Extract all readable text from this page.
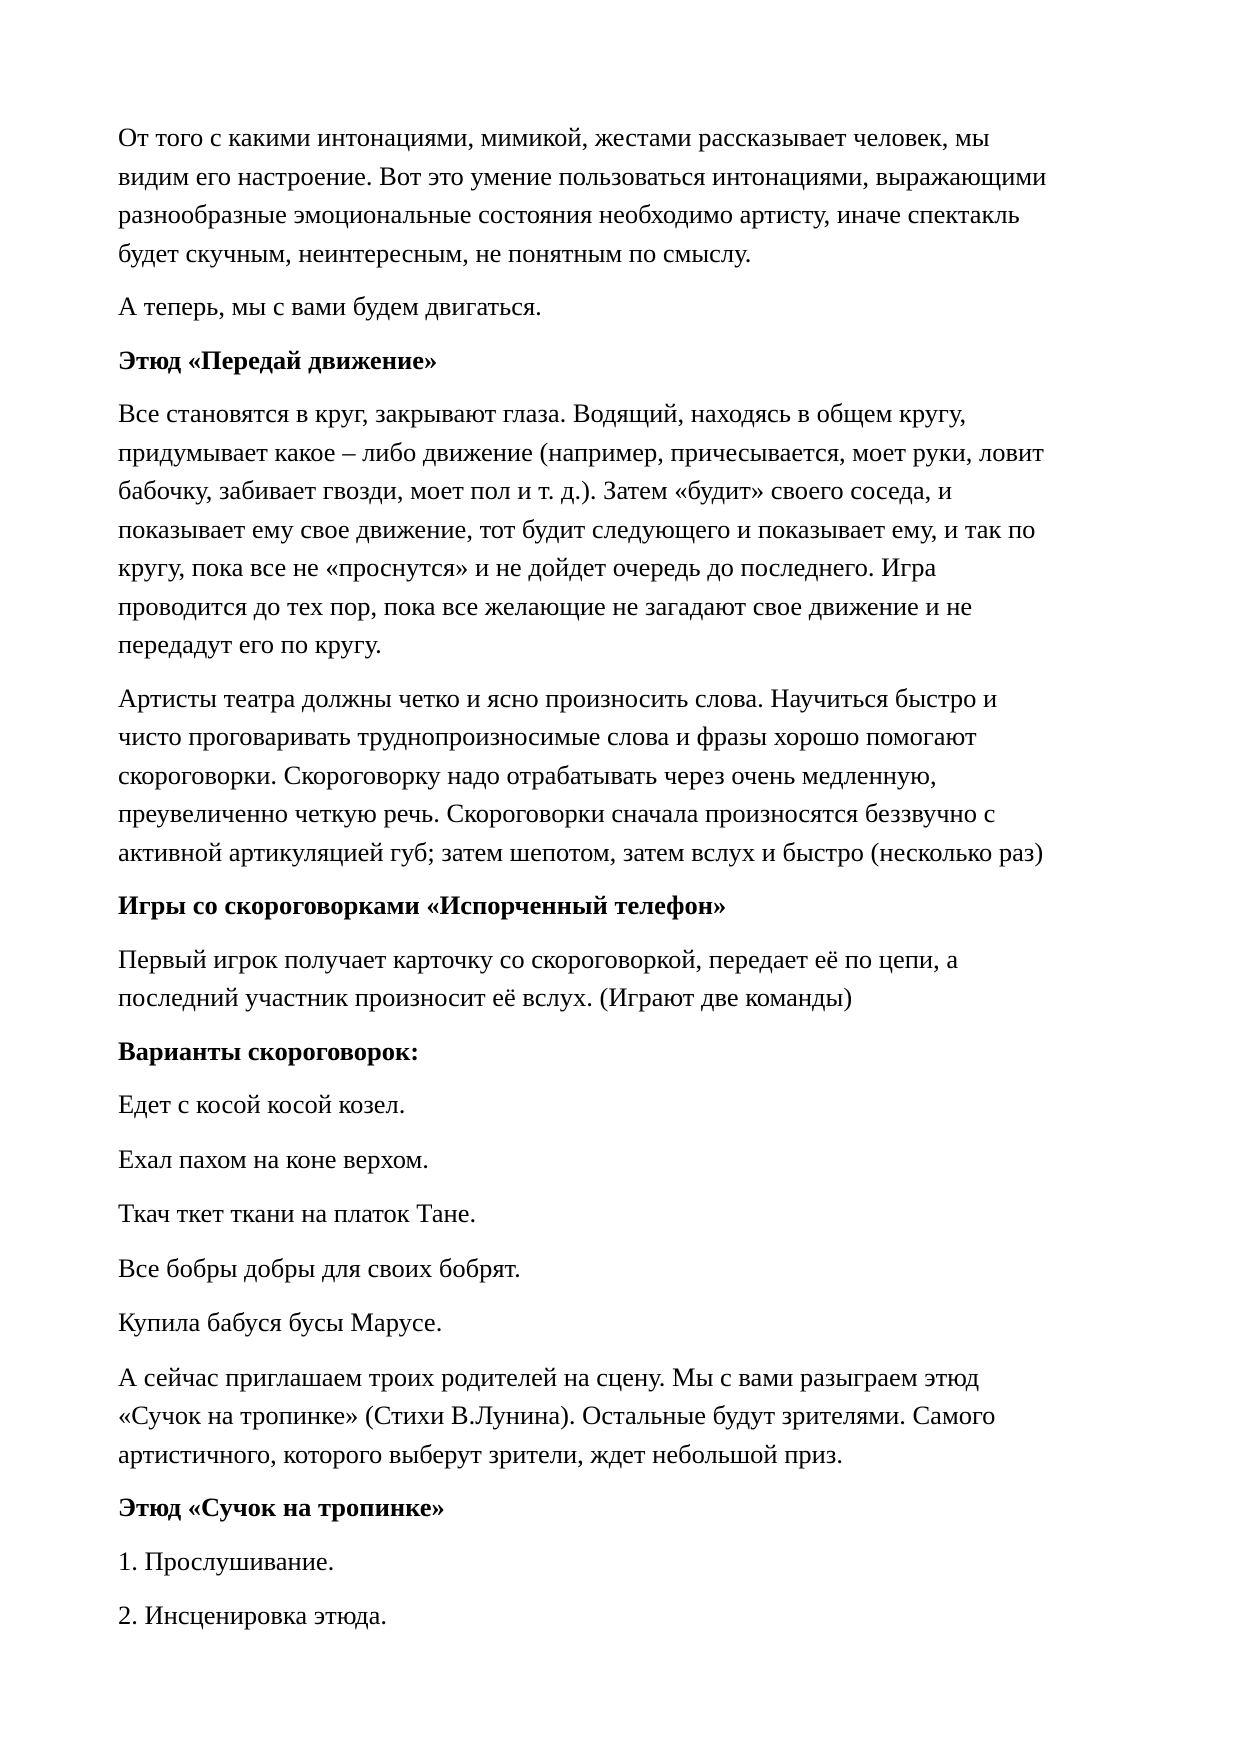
От того с какими интонациями, мимикой, жестами рассказывает человек, мы
видим его настроение. Вот это умение пользоваться интонациями, выражающими
разнообразные эмоциональные состояния необходимо артисту, иначе спектакль
будет скучным, неинтересным, не понятным по смыслу.
А теперь, мы с вами будем двигаться.
Этюд «Передай движение»
Все становятся в круг, закрывают глаза. Водящий, находясь в общем кругу,
придумывает какое – либо движение (например, причесывается, моет руки, ловит
бабочку, забивает гвозди, моет пол и т. д.). Затем «будит» своего соседа, и
показывает ему свое движение, тот будит следующего и показывает ему, и так по
кругу, пока все не «проснутся» и не дойдет очередь до последнего. Игра
проводится до тех пор, пока все желающие не загадают свое движение и не
передадут его по кругу.
Артисты театра должны четко и ясно произносить слова. Научиться быстро и
чисто проговаривать труднопроизносимые слова и фразы хорошо помогают
скороговорки. Скороговорку надо отрабатывать через очень медленную,
преувеличенно четкую речь. Скороговорки сначала произносятся беззвучно с
активной артикуляцией губ; затем шепотом, затем вслух и быстро (несколько раз)
Игры со скороговорками «Испорченный телефон»
Первый игрок получает карточку со скороговоркой, передает её по цепи, а
последний участник произносит её вслух. (Играют две команды)
Варианты скороговорок:
Едет с косой косой козел.
Ехал пахом на коне верхом.
Ткач ткет ткани на платок Тане.
Все бобры добры для своих бобрят.
Купила бабуся бусы Марусе.
А сейчас приглашаем троих родителей на сцену. Мы с вами разыграем этюд
«Сучок на тропинке» (Стихи В.Лунина). Остальные будут зрителями. Самого
артистичного, которого выберут зрители, ждет небольшой приз.
Этюд «Сучок на тропинке»
1. Прослушивание.
2. Инсценировка этюда.
